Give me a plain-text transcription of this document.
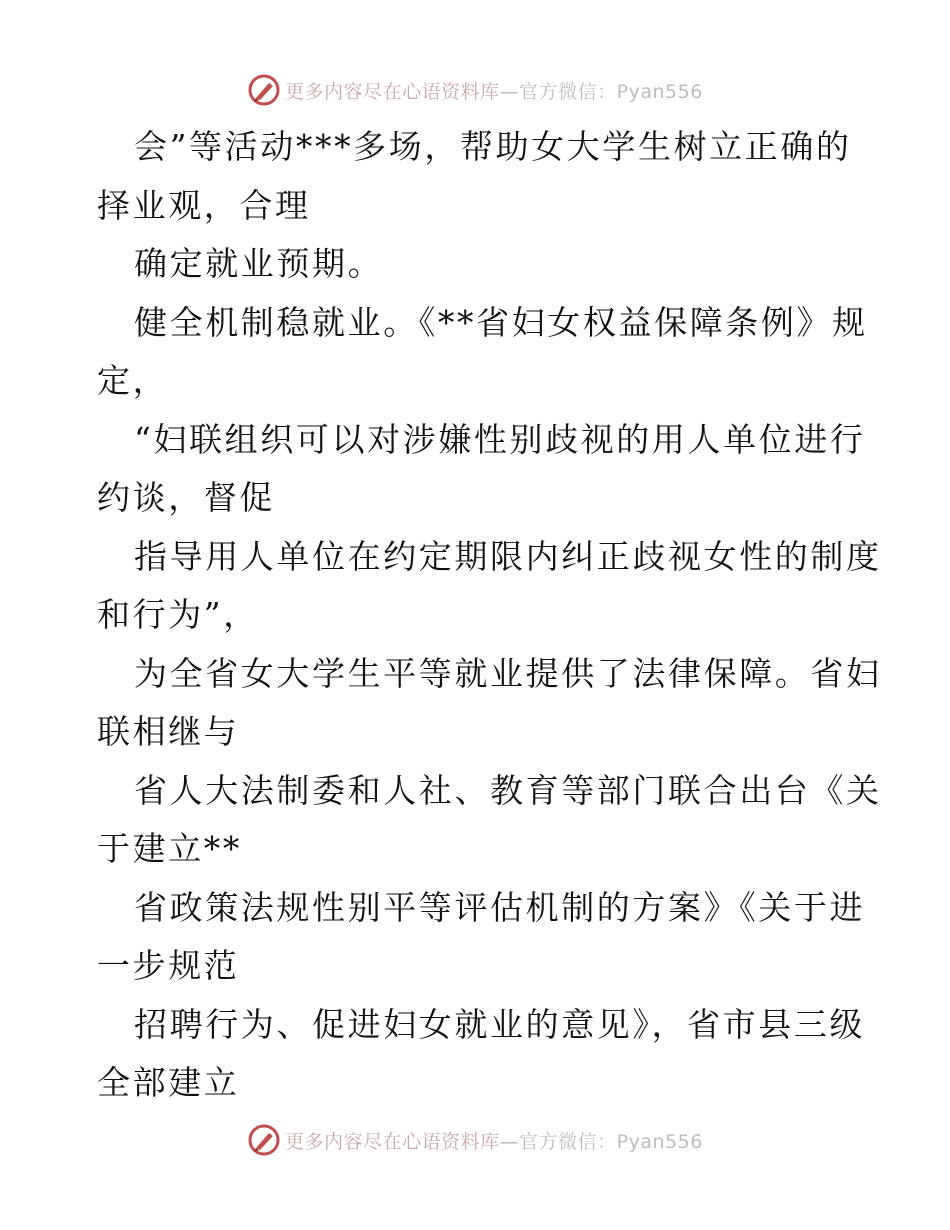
更多内容尽在心语资料库—官方微信：Pyan556
会”等活动***多场，帮助女大学生树立正确的
择业观，合理
确定就业预期。
健全机制稳就业。《**省妇女权益保障条例》规
定，
“妇联组织可以对涉嫌性别歧视的用人单位进行
约谈，督促
指导用人单位在约定期限内纠正歧视女性的制度
和行为”，
为全省女大学生平等就业提供了法律保障。省妇
联相继与
省人大法制委和人社、教育等部门联合出台《关
于建立**
省政策法规性别平等评估机制的方案》《关于进
一步规范
招聘行为、促进妇女就业的意见》，省市县三级
全部建立
更多内容尽在心语资料库—官方微信：Pyan556
